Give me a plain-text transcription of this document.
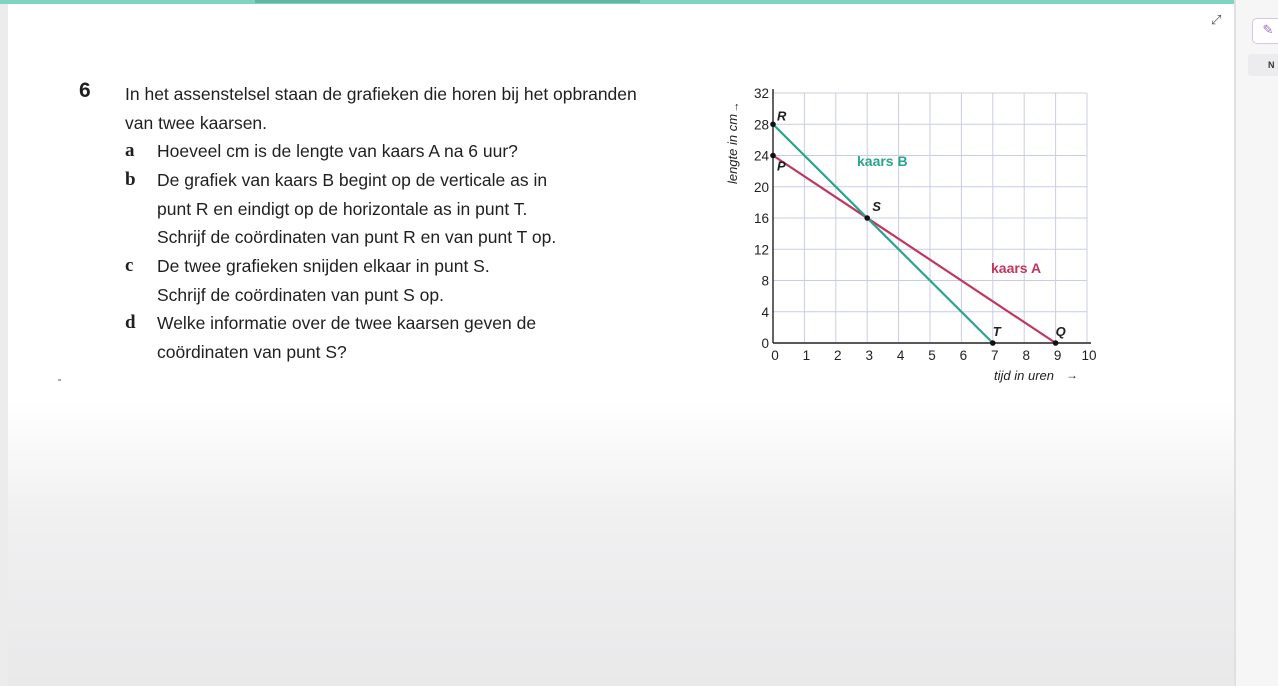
✎
N
⤢
6 In het assenstelsel staan de grafieken die horen bij het opbranden van twee kaarsen.
a	Hoeveel cm is de lengte van kaars A na 6 uur?
b	De grafiek van kaars B begint op de verticale as in
punt R en eindigt op de horizontale as in punt T.
Schrijf de coördinaten van punt R en van punt T op.
c	De twee grafieken snijden elkaar in punt S.
Schrijf de coördinaten van punt S op.
d	Welke informatie over de twee kaarsen geven de
coördinaten van punt S?	0 1 2 3 4 5 6 7 8 9 10
0
4
8
12
16
20
24
28
32
kaars A
kaars B
R
P
S
T	Q
lengte in cm
tijd in uren
↑
→
